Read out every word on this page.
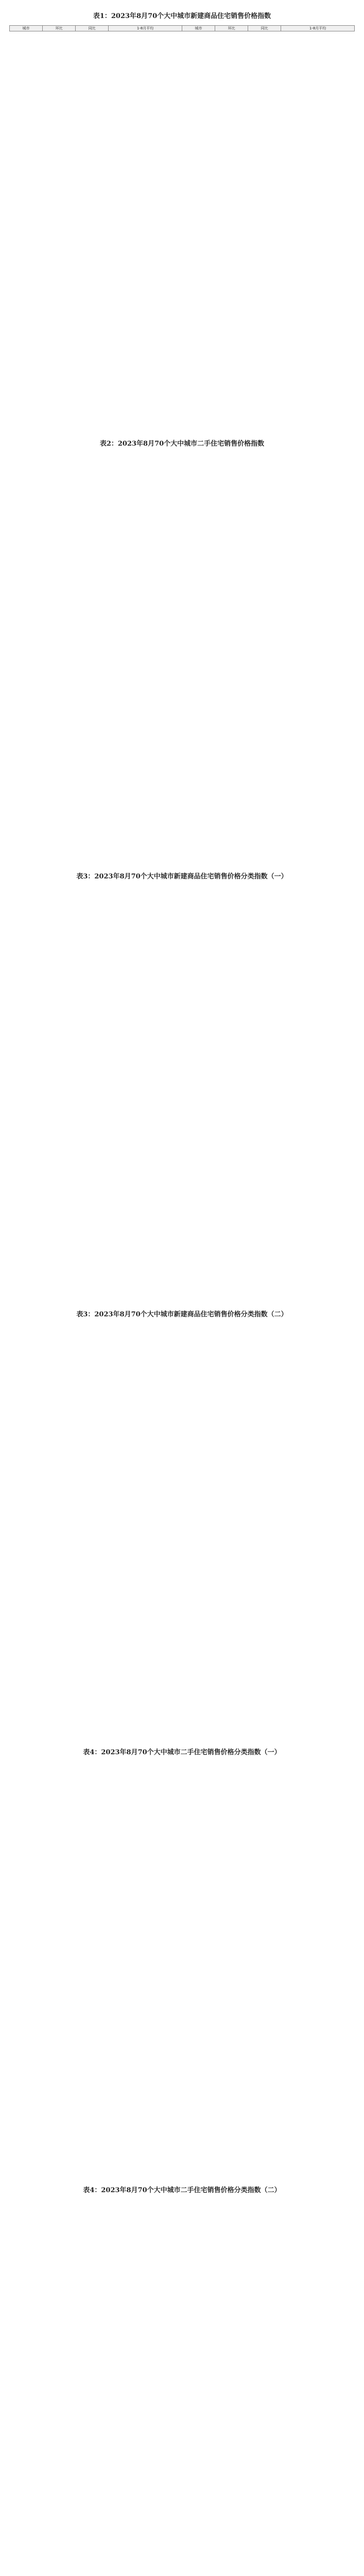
表1：2023年8月70个大中城市新建商品住宅销售价格指数
城市	环比	同比	1-8月平均	城市	环比	同比	1-8月平均
表2：2023年8月70个大中城市二手住宅销售价格指数
表3：2023年8月70个大中城市新建商品住宅销售价格分类指数（一）
表3：2023年8月70个大中城市新建商品住宅销售价格分类指数（二）
表4：2023年8月70个大中城市二手住宅销售价格分类指数（一）
表4：2023年8月70个大中城市二手住宅销售价格分类指数（二）
